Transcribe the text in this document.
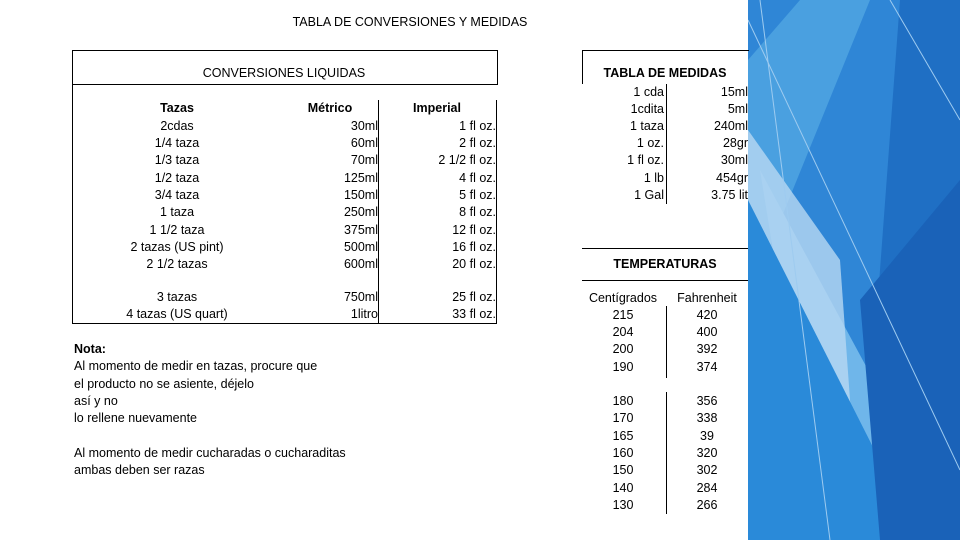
TABLA DE CONVERSIONES Y MEDIDAS
CONVERSIONES LIQUIDAS
Tazas	Métrico	Imperial
2cdas	30ml	1 fl oz.
1/4 taza	60ml	2 fl oz.
1/3 taza	70ml	2 1/2 fl oz.
1/2 taza	125ml	4 fl oz.
3/4 taza	150ml	5 fl oz.
1 taza	250ml	8 fl oz.
1 1/2 taza	375ml	12 fl oz.
2 tazas (US pint)	500ml	16 fl oz.
2 1/2 tazas	600ml	20 fl oz.
3 tazas	750ml	25 fl oz.
4 tazas (US quart)	1litro	33 fl oz.
Nota:
Al momento de medir en tazas, procure que
el producto no se asiente, déjelo
así y no
lo rellene nuevamente
Al momento de medir cucharadas o cucharaditas
ambas deben ser razas
TABLA DE MEDIDAS
1 cda	15ml
1cdita	5ml
1 taza	240ml
1 oz.	28gr
1 fl oz.	30ml
1 lb	454gr
1 Gal	3.75 lit
TEMPERATURAS
Centígrados	Fahrenheit
215	420
204	400
200	392
190	374
180	356
170	338
165	39
160	320
150	302
140	284
130	266
